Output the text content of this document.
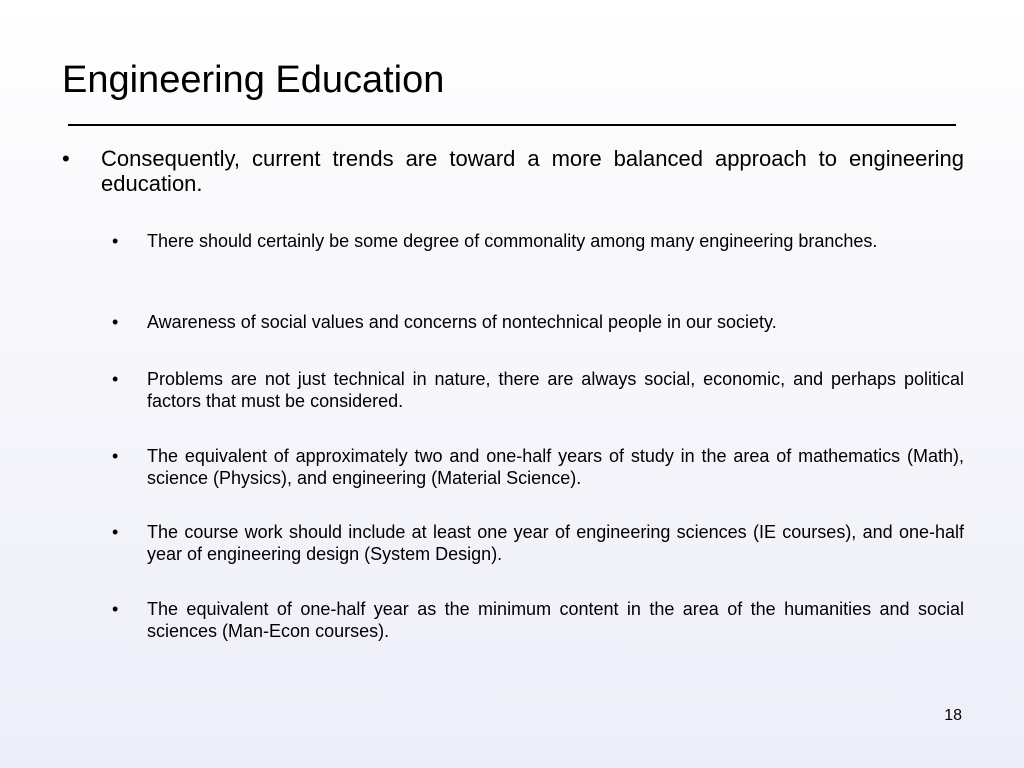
Engineering Education
•	Consequently, current trends are toward a more balanced approach to engineering education.
•	There should certainly be some degree of commonality among many engineering branches.
•	Awareness of social values and concerns of nontechnical people in our society.
•	Problems are not just technical in nature, there are always social, economic, and perhaps political factors that must be considered.
•	The equivalent of approximately two and one-half years of study in the area of mathematics (Math), science (Physics), and engineering (Material Science).
•	The course work should include at least one year of engineering sciences (IE courses), and one-half year of engineering design (System Design).
•	The equivalent of one-half year as the minimum content in the area of the humanities and social sciences (Man-Econ courses).
18
